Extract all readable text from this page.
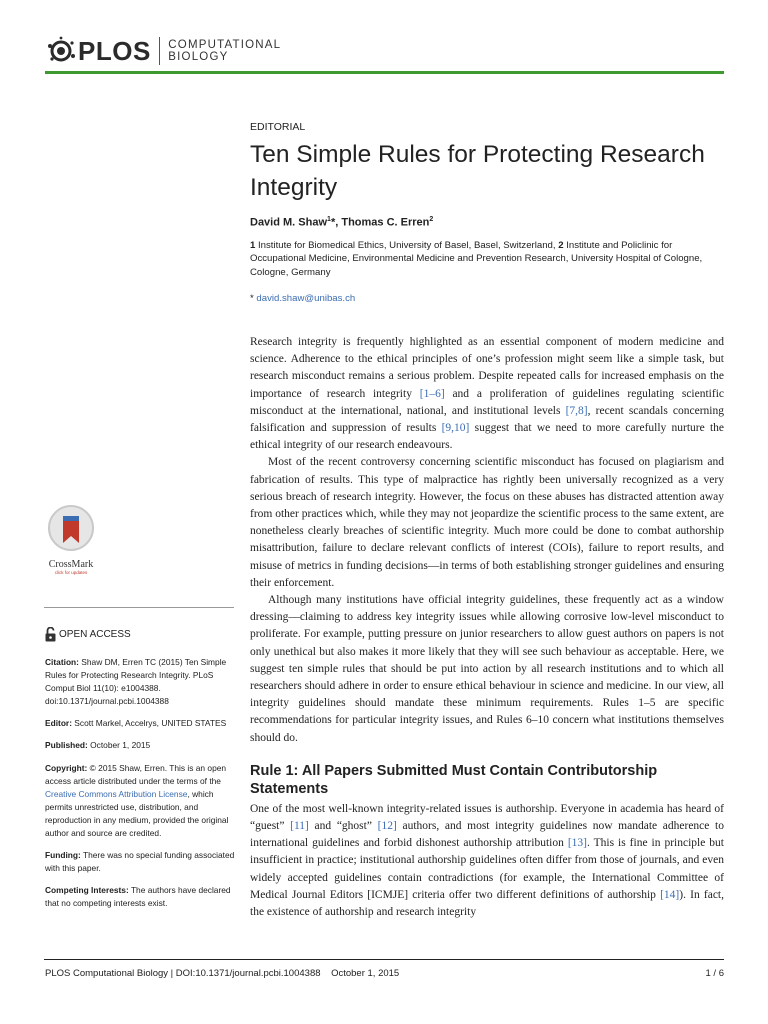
PLOS COMPUTATIONAL
BIOLOGY
EDITORIAL
Ten Simple Rules for Protecting Research Integrity
David M. Shaw$^1$*, Thomas C. Erren$^2$
1 Institute for Biomedical Ethics, University of Basel, Basel, Switzerland, 2 Institute and Policlinic for Occupational Medicine, Environmental Medicine and Prevention Research, University Hospital of Cologne, Cologne, Germany
* david.shaw@unibas.ch
CrossMark
click for updates
OPEN ACCESS

Citation: Shaw DM, Erren TC (2015) Ten Simple Rules for Protecting Research Integrity. PLoS Comput Biol 11(10): e1004388. doi:10.1371/journal.pcbi.1004388

Editor: Scott Markel, Accelrys, UNITED STATES

Published: October 1, 2015

Copyright: © 2015 Shaw, Erren. This is an open access article distributed under the terms of the Creative Commons Attribution License, which permits unrestricted use, distribution, and reproduction in any medium, provided the original author and source are credited.

Funding: There was no special funding associated with this paper.

Competing Interests: The authors have declared that no competing interests exist.

Research integrity is frequently highlighted as an essential component of modern medicine and science. Adherence to the ethical principles of one’s profession might seem like a simple task, but research misconduct remains a serious problem. Despite repeated calls for increased emphasis on the importance of research integrity [1–6] and a proliferation of guidelines regulating scientific misconduct at the international, national, and institutional levels [7,8], recent scandals concerning falsification and suppression of results [9,10] suggest that we need to more carefully nurture the ethical integrity of our research endeavours.

Most of the recent controversy concerning scientific misconduct has focused on plagiarism and fabrication of results. This type of malpractice has rightly been universally recognized as a very serious breach of research integrity. However, the focus on these abuses has distracted attention away from other practices which, while they may not jeopardize the scientific process to the same extent, are nonetheless clearly breaches of scientific integrity. Much more could be done to combat authorship misattribution, failure to declare relevant conflicts of interest (COIs), failure to report results, and misuse of metrics in funding decisions—in terms of both establishing stronger guidelines and ensuring their enforcement.

Although many institutions have official integrity guidelines, these frequently act as a window dressing—claiming to address key integrity issues while allowing corrosive low-level misconduct to proliferate. For example, putting pressure on junior researchers to allow guest authors on papers is not only unethical but also makes it more likely that they will see such behaviour as acceptable. Here, we suggest ten simple rules that should be put into action by all research institutions and to which all researchers should adhere in order to ensure ethical behaviour in science and medicine. In our view, all integrity guidelines should mandate these minimum requirements. Rules 1–5 are specific recommendations for particular integrity issues, and Rules 6–10 concern what institutions themselves should do.

Rule 1: All Papers Submitted Must Contain Contributorship Statements

One of the most well-known integrity-related issues is authorship. Everyone in academia has heard of “guest” [11] and “ghost” [12] authors, and most integrity guidelines now mandate adherence to international guidelines and forbid dishonest authorship attribution [13]. This is fine in principle but insufficient in practice; institutional authorship guidelines often differ from those of journals, and even widely accepted guidelines contain contradictions (for example, the International Committee of Medical Journal Editors [ICMJE] criteria offer two different definitions of authorship [14]). In fact, the existence of authorship and research integrity

PLOS Computational Biology | DOI:10.1371/journal.pcbi.1004388 October 1, 2015	1 / 6
